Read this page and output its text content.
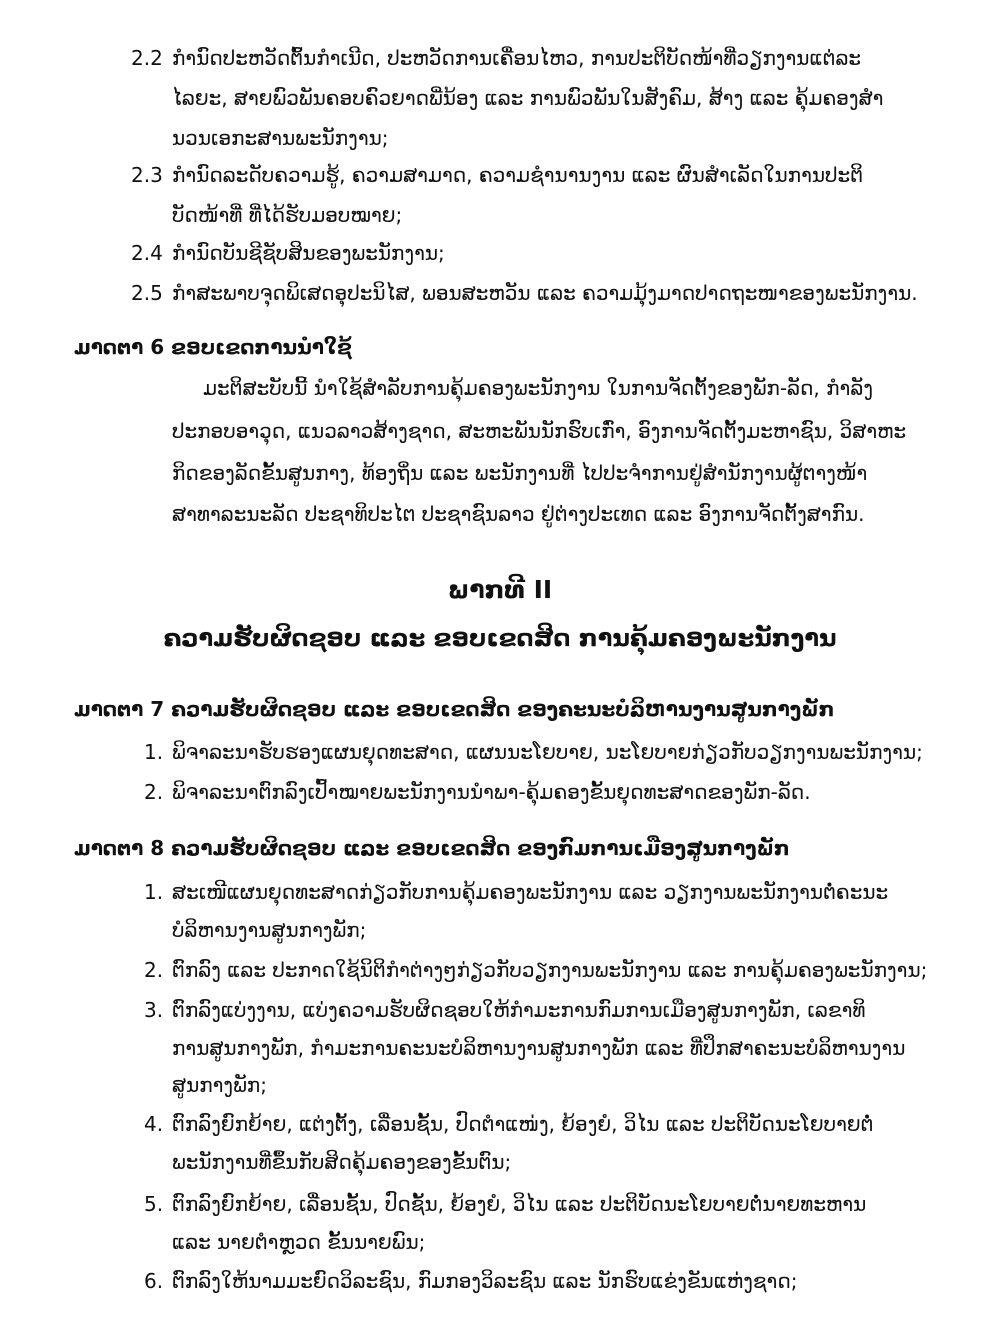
2.2 ກຳນົດປະຫວັດຕົ້ນກຳເນີດ, ປະຫວັດການເຄື່ອນໄຫວ, ການປະຕິບັດໜ້າທີ່ວຽກງານແຕ່ລະ
ໄລຍະ, ສາຍພົວພັນຄອບຄົວຍາດພີ່ນ້ອງ ແລະ ການພົວພັນໃນສັງຄົມ, ສ້າງ ແລະ ຄຸ້ມຄອງສໍາ
ນວນເອກະສານພະນັກງານ;
2.3 ກຳນົດລະດັບຄວາມຮູ້, ຄວາມສາມາດ, ຄວາມຊໍານານງານ ແລະ ຜົນສໍາເລັດໃນການປະຕິ
ບັດໜ້າທີ່ ທີ່ໄດ້ຮັບມອບໝາຍ;
2.4 ກຳນົດບັນຊີຊັບສິນຂອງພະນັກງານ;
2.5 ກຳສະພາບຈຸດພິເສດອຸປະນິໄສ, ພອນສະຫວັນ ແລະ ຄວາມມຸ້ງມາດປາດຖະໜາຂອງພະນັກງານ.
ມາດຕາ 6 ຂອບເຂດການນໍາໃຊ້
ມະຕິສະບັບນີ້ ນໍາໃຊ້ສໍາລັບການຄຸ້ມຄອງພະນັກງານ ໃນການຈັດຕັ້ງຂອງພັກ-ລັດ, ກໍາລັງ
ປະກອບອາວຸດ, ແນວລາວສ້າງຊາດ, ສະຫະພັນນັກຮົບເກົ່າ, ອົງການຈັດຕັ້ງມະຫາຊົນ, ວິສາຫະ
ກິດຂອງລັດຂັ້ນສູນກາງ, ທ້ອງຖິ່ນ ແລະ ພະນັກງານທີ່ ໄປປະຈໍາການຢູ່ສໍານັກງານຜູ້ຕາງໜ້າ
ສາທາລະນະລັດ ປະຊາທິປະໄຕ ປະຊາຊົນລາວ ຢູ່ຕ່າງປະເທດ ແລະ ອົງການຈັດຕັ້ງສາກົນ.
ພາກທີ II
ຄວາມຮັບຜິດຊອບ ແລະ ຂອບເຂດສິດ ການຄຸ້ມຄອງພະນັກງານ
ມາດຕາ 7 ຄວາມຮັບຜິດຊອບ ແລະ ຂອບເຂດສິດ ຂອງຄະນະບໍລິຫານງານສູນກາງພັກ
1. ພິຈາລະນາຮັບຮອງແຜນຍຸດທະສາດ, ແຜນນະໂຍບາຍ, ນະໂຍບາຍກ່ຽວກັບວຽກງານພະນັກງານ;
2. ພິຈາລະນາຕົກລົງເປົ້າໝາຍພະນັກງານນໍາພາ-ຄຸ້ມຄອງຂັ້ນຍຸດທະສາດຂອງພັກ-ລັດ.
ມາດຕາ 8 ຄວາມຮັບຜິດຊອບ ແລະ ຂອບເຂດສິດ ຂອງກົມການເມືອງສູນກາງພັກ
1. ສະເໜີແຜນຍຸດທະສາດກ່ຽວກັບການຄຸ້ມຄອງພະນັກງານ ແລະ ວຽກງານພະນັກງານຕໍ່ຄະນະ
ບໍລິຫານງານສູນກາງພັກ;
2. ຕົກລົງ ແລະ ປະກາດໃຊ້ນິຕິກໍາຕ່າງໆກ່ຽວກັບວຽກງານພະນັກງານ ແລະ ການຄຸ້ມຄອງພະນັກງານ;
3. ຕົກລົງແບ່ງງານ, ແບ່ງຄວາມຮັບຜິດຊອບໃຫ້ກໍາມະການກົມການເມືອງສູນກາງພັກ, ເລຂາທິ
ການສູນກາງພັກ, ກໍາມະການຄະນະບໍລິຫານງານສູນກາງພັກ ແລະ ທີ່ປຶກສາຄະນະບໍລິຫານງານ
ສູນກາງພັກ;
4. ຕົກລົງຍົກຍ້າຍ, ແຕ່ງຕັ້ງ, ເລື່ອນຊັ້ນ, ປົດຕໍາແໜ່ງ, ຍ້ອງຍໍ, ວິໄນ ແລະ ປະຕິບັດນະໂຍບາຍຕໍ່
ພະນັກງານທີ່ຂຶ້ນກັບສິດຄຸ້ມຄອງຂອງຂັ້ນຕົນ;
5. ຕົກລົງຍົກຍ້າຍ, ເລື່ອນຊັ້ນ, ປົດຊັ້ນ, ຍ້ອງຍໍ, ວິໄນ ແລະ ປະຕິບັດນະໂຍບາຍຕໍ່ນາຍທະຫານ
ແລະ ນາຍຕໍາຫຼວດ ຂັ້ນນາຍພົນ;
6. ຕົກລົງໃຫ້ນາມມະຍົດວິລະຊົນ, ກົມກອງວິລະຊົນ ແລະ ນັກຮົບແຂ່ງຂັນແຫ່ງຊາດ;
